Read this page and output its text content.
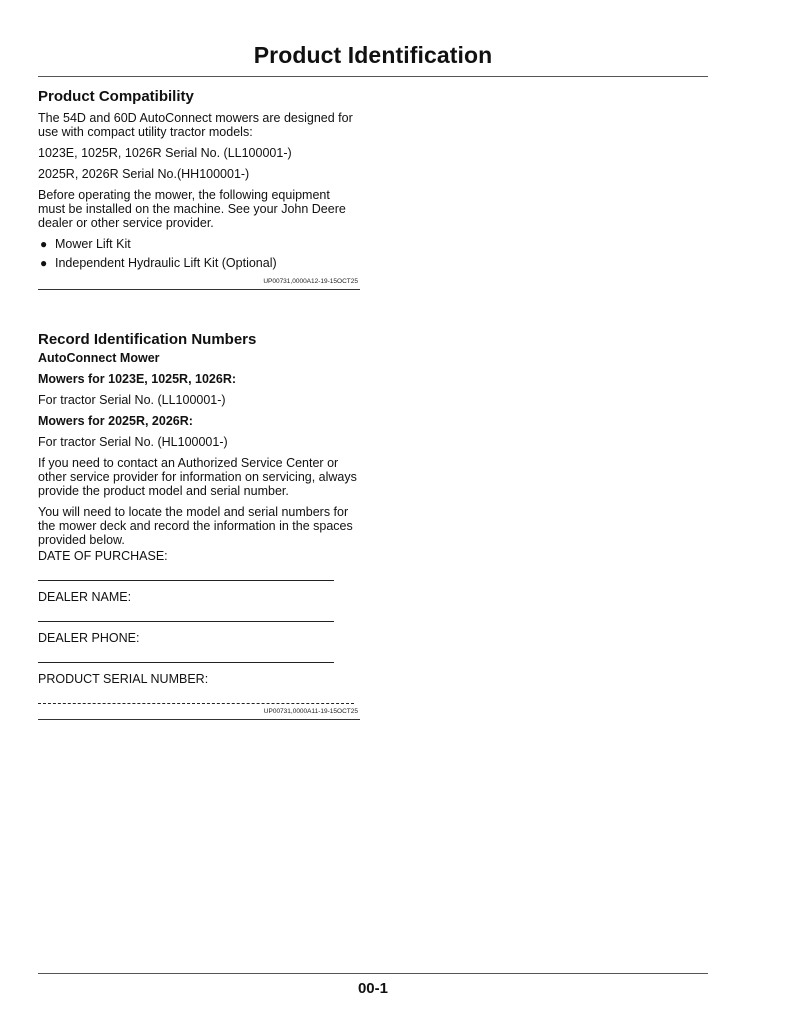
Product Identification
Product Compatibility

The 54D and 60D AutoConnect mowers are designed for use with compact utility tractor models:

1023E, 1025R, 1026R Serial No. (LL100001-)

2025R, 2026R Serial No.(HH100001-)

Before operating the mower, the following equipment must be installed on the machine. See your John Deere dealer or other service provider.

● Mower Lift Kit
● Independent Hydraulic Lift Kit (Optional)
UP00731,0000A12-19-15OCT25
Record Identification Numbers

AutoConnect Mower

Mowers for 1023E, 1025R, 1026R:

For tractor Serial No. (LL100001-)

Mowers for 2025R, 2026R:

For tractor Serial No. (HL100001-)

If you need to contact an Authorized Service Center or other service provider for information on servicing, always provide the product model and serial number.

You will need to locate the model and serial numbers for the mower deck and record the information in the spaces provided below.

DATE OF PURCHASE:
DEALER NAME:
DEALER PHONE:
PRODUCT SERIAL NUMBER:
UP00731,0000A11-19-15OCT25
00-1
